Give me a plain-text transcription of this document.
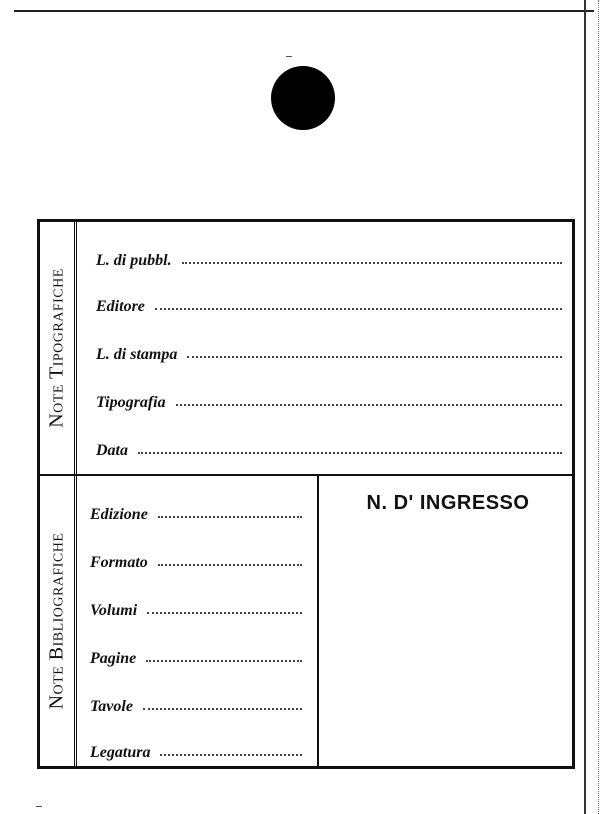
Note Tipografiche
L. di pubbl.
Editore
L. di stampa
Tipografia
Data
Note Bibliografiche
Edizione
Formato
Volumi
Pagine
Tavole
Legatura
N. D' INGRESSO
